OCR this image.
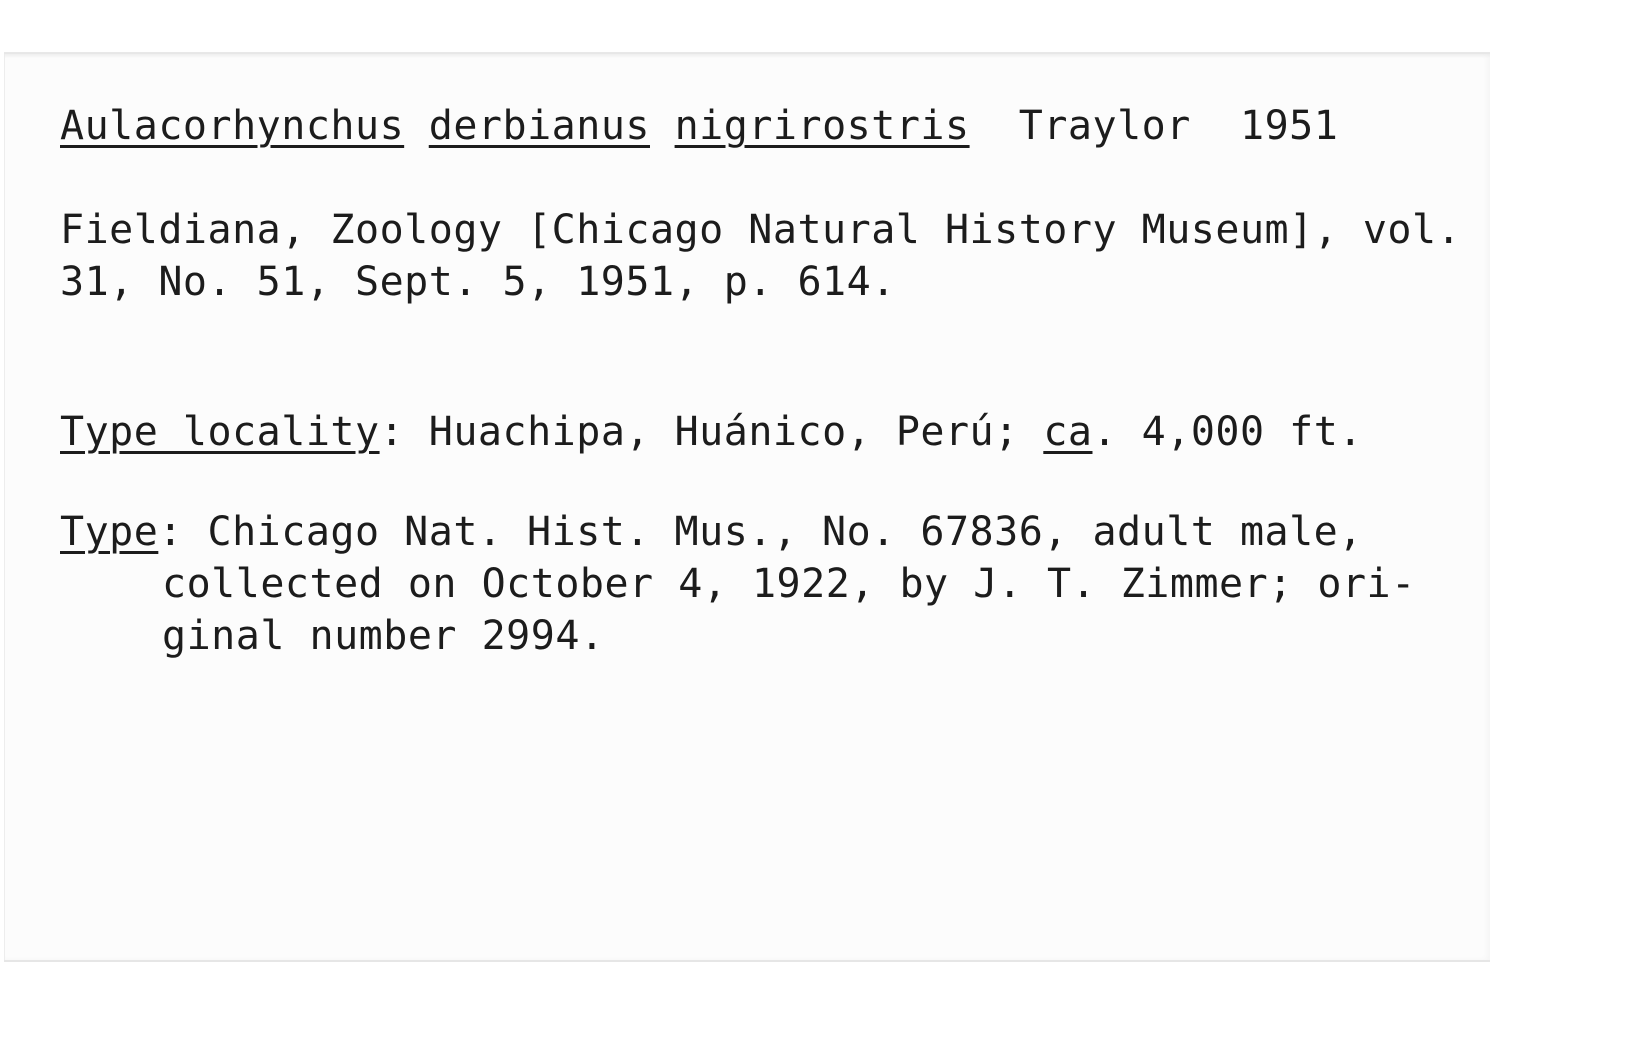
Aulacorhynchus derbianus nigrirostris Traylor 1951

Fieldiana, Zoology [Chicago Natural History Museum], vol.

31, No. 51, Sept. 5, 1951, p. 614.

Type locality: Huachipa, Huánico, Perú; ca. 4,000 ft.

Type: Chicago Nat. Hist. Mus., No. 67836, adult male,

collected on October 4, 1922, by J. T. Zimmer; ori-

ginal number 2994.
